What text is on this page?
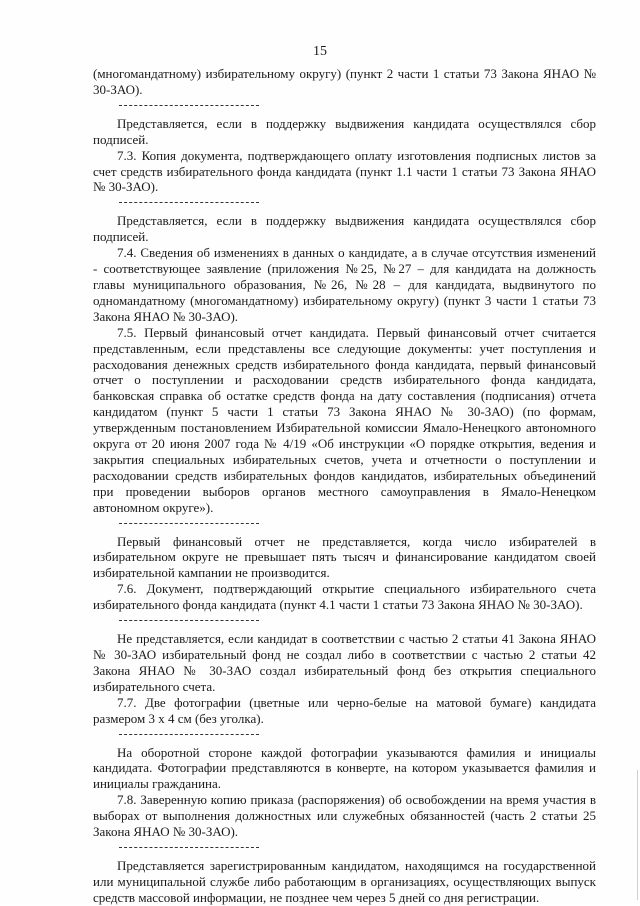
15

(многомандатному) избирательному округу) (пункт 2 части 1 статьи 73 Закона ЯНАО № 30-ЗАО).

Представляется, если в поддержку выдвижения кандидата осуществлялся сбор подписей.

7.3. Копия документа, подтверждающего оплату изготовления подписных листов за счет средств избирательного фонда кандидата (пункт 1.1 части 1 статьи 73 Закона ЯНАО № 30-ЗАО).

Представляется, если в поддержку выдвижения кандидата осуществлялся сбор подписей.

7.4. Сведения об изменениях в данных о кандидате, а в случае отсутствия изменений - соответствующее заявление (приложения №25, №27 – для кандидата на должность главы муниципального образования, №26, №28 – для кандидата, выдвинутого по одномандатному (многомандатному) избирательному округу) (пункт 3 части 1 статьи 73 Закона ЯНАО № 30-ЗАО).

7.5. Первый финансовый отчет кандидата. Первый финансовый отчет считается представленным, если представлены все следующие документы: учет поступления и расходования денежных средств избирательного фонда кандидата, первый финансовый отчет о поступлении и расходовании средств избирательного фонда кандидата, банковская справка об остатке средств фонда на дату составления (подписания) отчета кандидатом (пункт 5 части 1 статьи 73 Закона ЯНАО № 30-ЗАО) (по формам, утвержденным постановлением Избирательной комиссии Ямало-Ненецкого автономного округа от 20 июня 2007 года № 4/19 «Об инструкции «О порядке открытия, ведения и закрытия специальных избирательных счетов, учета и отчетности о поступлении и расходовании средств избирательных фондов кандидатов, избирательных объединений при проведении выборов органов местного самоуправления в Ямало-Ненецком автономном округе»).

Первый финансовый отчет не представляется, когда число избирателей в избирательном округе не превышает пять тысяч и финансирование кандидатом своей избирательной кампании не производится.

7.6. Документ, подтверждающий открытие специального избирательного счета избирательного фонда кандидата (пункт 4.1 части 1 статьи 73 Закона ЯНАО № 30-ЗАО).

Не представляется, если кандидат в соответствии с частью 2 статьи 41 Закона ЯНАО № 30-ЗАО избирательный фонд не создал либо в соответствии с частью 2 статьи 42 Закона ЯНАО № 30-ЗАО создал избирательный фонд без открытия специального избирательного счета.

7.7. Две фотографии (цветные или черно-белые на матовой бумаге) кандидата размером 3 х 4 см (без уголка).

На оборотной стороне каждой фотографии указываются фамилия и инициалы кандидата. Фотографии представляются в конверте, на котором указывается фамилия и инициалы гражданина.

7.8. Заверенную копию приказа (распоряжения) об освобождении на время участия в выборах от выполнения должностных или служебных обязанностей (часть 2 статьи 25 Закона ЯНАО № 30-ЗАО).

Представляется зарегистрированным кандидатом, находящимся на государственной или муниципальной службе либо работающим в организациях, осуществляющих выпуск средств массовой информации, не позднее чем через 5 дней со дня регистрации.
